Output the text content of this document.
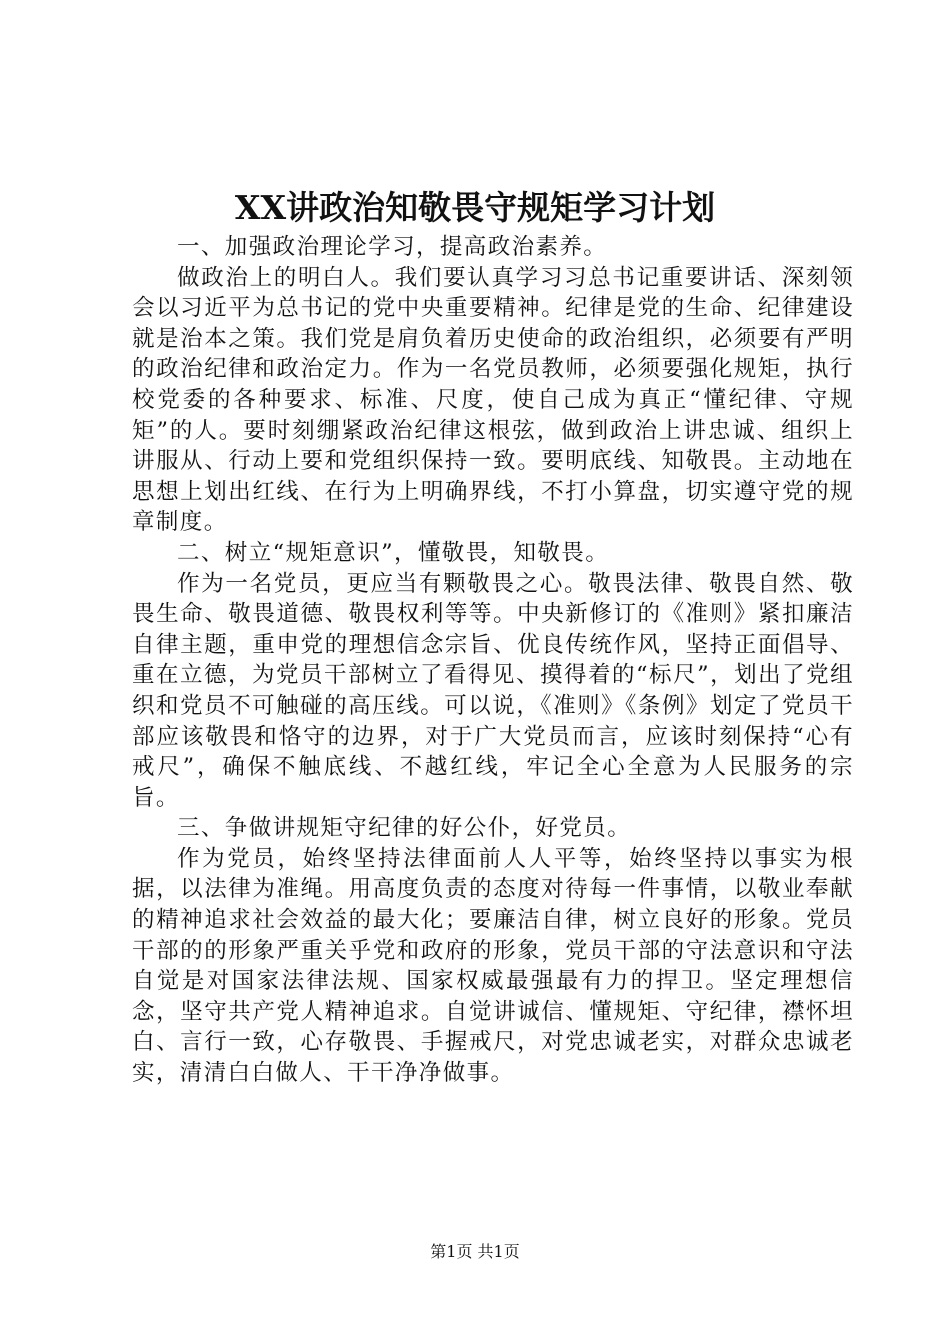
XX讲政治知敬畏守规矩学习计划

一、加强政治理论学习，提高政治素养。

做政治上的明白人。我们要认真学习习总书记重要讲话、深刻领会以习近平为总书记的党中央重要精神。纪律是党的生命、纪律建设就是治本之策。我们党是肩负着历史使命的政治组织，必须要有严明的政治纪律和政治定力。作为一名党员教师，必须要强化规矩，执行校党委的各种要求、标准、尺度，使自己成为真正“懂纪律、守规矩”的人。要时刻绷紧政治纪律这根弦，做到政治上讲忠诚、组织上讲服从、行动上要和党组织保持一致。要明底线、知敬畏。主动地在思想上划出红线、在行为上明确界线，不打小算盘，切实遵守党的规章制度。

二、树立“规矩意识”，懂敬畏，知敬畏。

作为一名党员，更应当有颗敬畏之心。敬畏法律、敬畏自然、敬畏生命、敬畏道德、敬畏权利等等。中央新修订的《准则》紧扣廉洁自律主题，重申党的理想信念宗旨、优良传统作风，坚持正面倡导、重在立德，为党员干部树立了看得见、摸得着的“标尺”，划出了党组织和党员不可触碰的高压线。可以说，《准则》《条例》划定了党员干部应该敬畏和恪守的边界，对于广大党员而言，应该时刻保持“心有戒尺”，确保不触底线、不越红线，牢记全心全意为人民服务的宗旨。

三、争做讲规矩守纪律的好公仆，好党员。

作为党员，始终坚持法律面前人人平等，始终坚持以事实为根据，以法律为准绳。用高度负责的态度对待每一件事情，以敬业奉献的精神追求社会效益的最大化；要廉洁自律，树立良好的形象。党员干部的的形象严重关乎党和政府的形象，党员干部的守法意识和守法自觉是对国家法律法规、国家权威最强最有力的捍卫。坚定理想信念，坚守共产党人精神追求。自觉讲诚信、懂规矩、守纪律，襟怀坦白、言行一致，心存敬畏、手握戒尺，对党忠诚老实，对群众忠诚老实，清清白白做人、干干净净做事。

第1页 共1页
